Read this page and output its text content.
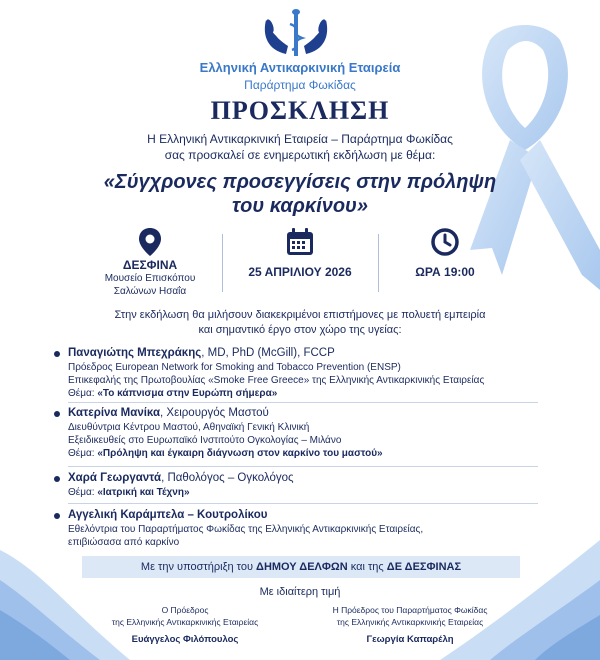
Ελληνική Αντικαρκινική Εταιρεία
Παράρτημα Φωκίδας
ΠΡΟΣΚΛΗΣΗ
Η Ελληνική Αντικαρκινική Εταιρεία – Παράρτημα Φωκίδας
σας προσκαλεί σε ενημερωτική εκδήλωση με θέμα:
«Σύγχρονες προσεγγίσεις στην πρόληψη
του καρκίνου»
ΔΕΣΦΙΝΑ
Μουσείο Επισκόπου
Σαλώνων Ησαΐα
25 ΑΠΡΙΛΙΟΥ 2026	ΩΡΑ 19:00
Στην εκδήλωση θα μιλήσουν διακεκριμένοι επιστήμονες με πολυετή εμπειρία
και σημαντικό έργο στον χώρο της υγείας:
Παναγιώτης Μπεχράκης, MD, PhD (McGill), FCCP
Πρόεδρος European Network for Smoking and Tobacco Prevention (ENSP)
Επικεφαλής της Πρωτοβουλίας «Smoke Free Greece» της Ελληνικής Αντικαρκινικής Εταιρείας
Θέμα: «Το κάπνισμα στην Ευρώπη σήμερα»
Κατερίνα Μανίκα, Χειρουργός Μαστού
Διευθύντρια Κέντρου Μαστού, Αθηναϊκή Γενική Κλινική
Εξειδικευθείς στο Ευρωπαϊκό Ινστιτούτο Ογκολογίας – Μιλάνο
Θέμα: «Πρόληψη και έγκαιρη διάγνωση στον καρκίνο του μαστού»
Χαρά Γεωργαντά, Παθολόγος – Ογκολόγος
Θέμα: «Ιατρική και Τέχνη»
Αγγελική Καράμπελα – Κουτρολίκου
Εθελόντρια του Παραρτήματος Φωκίδας της Ελληνικής Αντικαρκινικής Εταιρείας,
επιβιώσασα από καρκίνο
Με την υποστήριξη του ΔΗΜΟΥ ΔΕΛΦΩΝ και της ΔΕ ΔΕΣΦΙΝΑΣ
Με ιδιαίτερη τιμή
Ο Πρόεδρος
της Ελληνικής Αντικαρκινικής Εταιρείας
Ευάγγελος Φιλόπουλος
Η Πρόεδρος του Παραρτήματος Φωκίδας
της Ελληνικής Αντικαρκινικής Εταιρείας
Γεωργία Καπαρέλη
